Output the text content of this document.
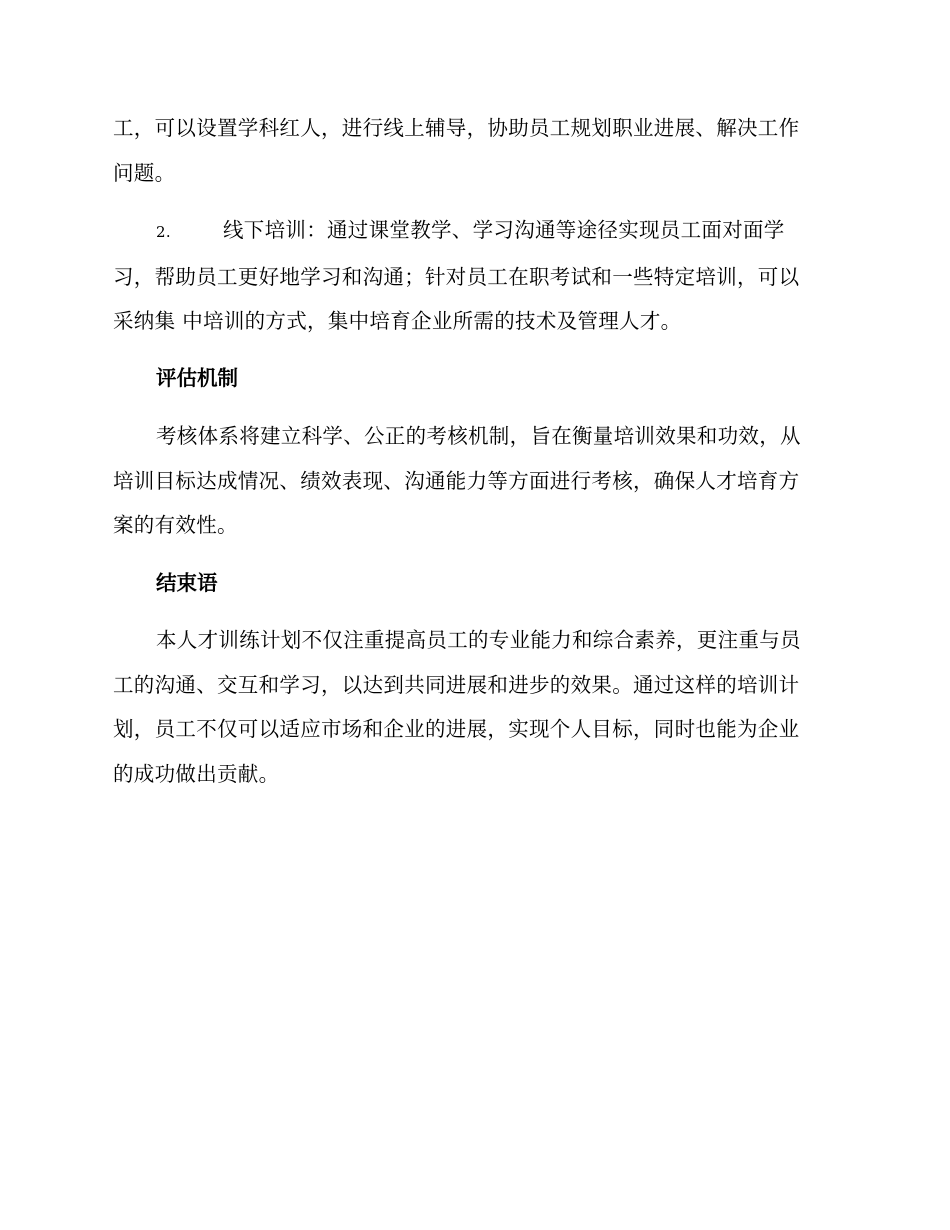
工，可以设置学科红人，进行线上辅导，协助员工规划职业进展、解决工作
问题。
2.	线下培训：通过课堂教学、学习沟通等途径实现员工面对面学
习，帮助员工更好地学习和沟通；针对员工在职考试和一些特定培训，可以
采纳集 中培训的方式，集中培育企业所需的技术及管理人才。
评估机制
考核体系将建立科学、公正的考核机制，旨在衡量培训效果和功效，从
培训目标达成情况、绩效表现、沟通能力等方面进行考核，确保人才培育方
案的有效性。
结束语
本人才训练计划不仅注重提高员工的专业能力和综合素养，更注重与员
工的沟通、交互和学习，以达到共同进展和进步的效果。通过这样的培训计
划，员工不仅可以适应市场和企业的进展，实现个人目标，同时也能为企业
的成功做出贡献。
